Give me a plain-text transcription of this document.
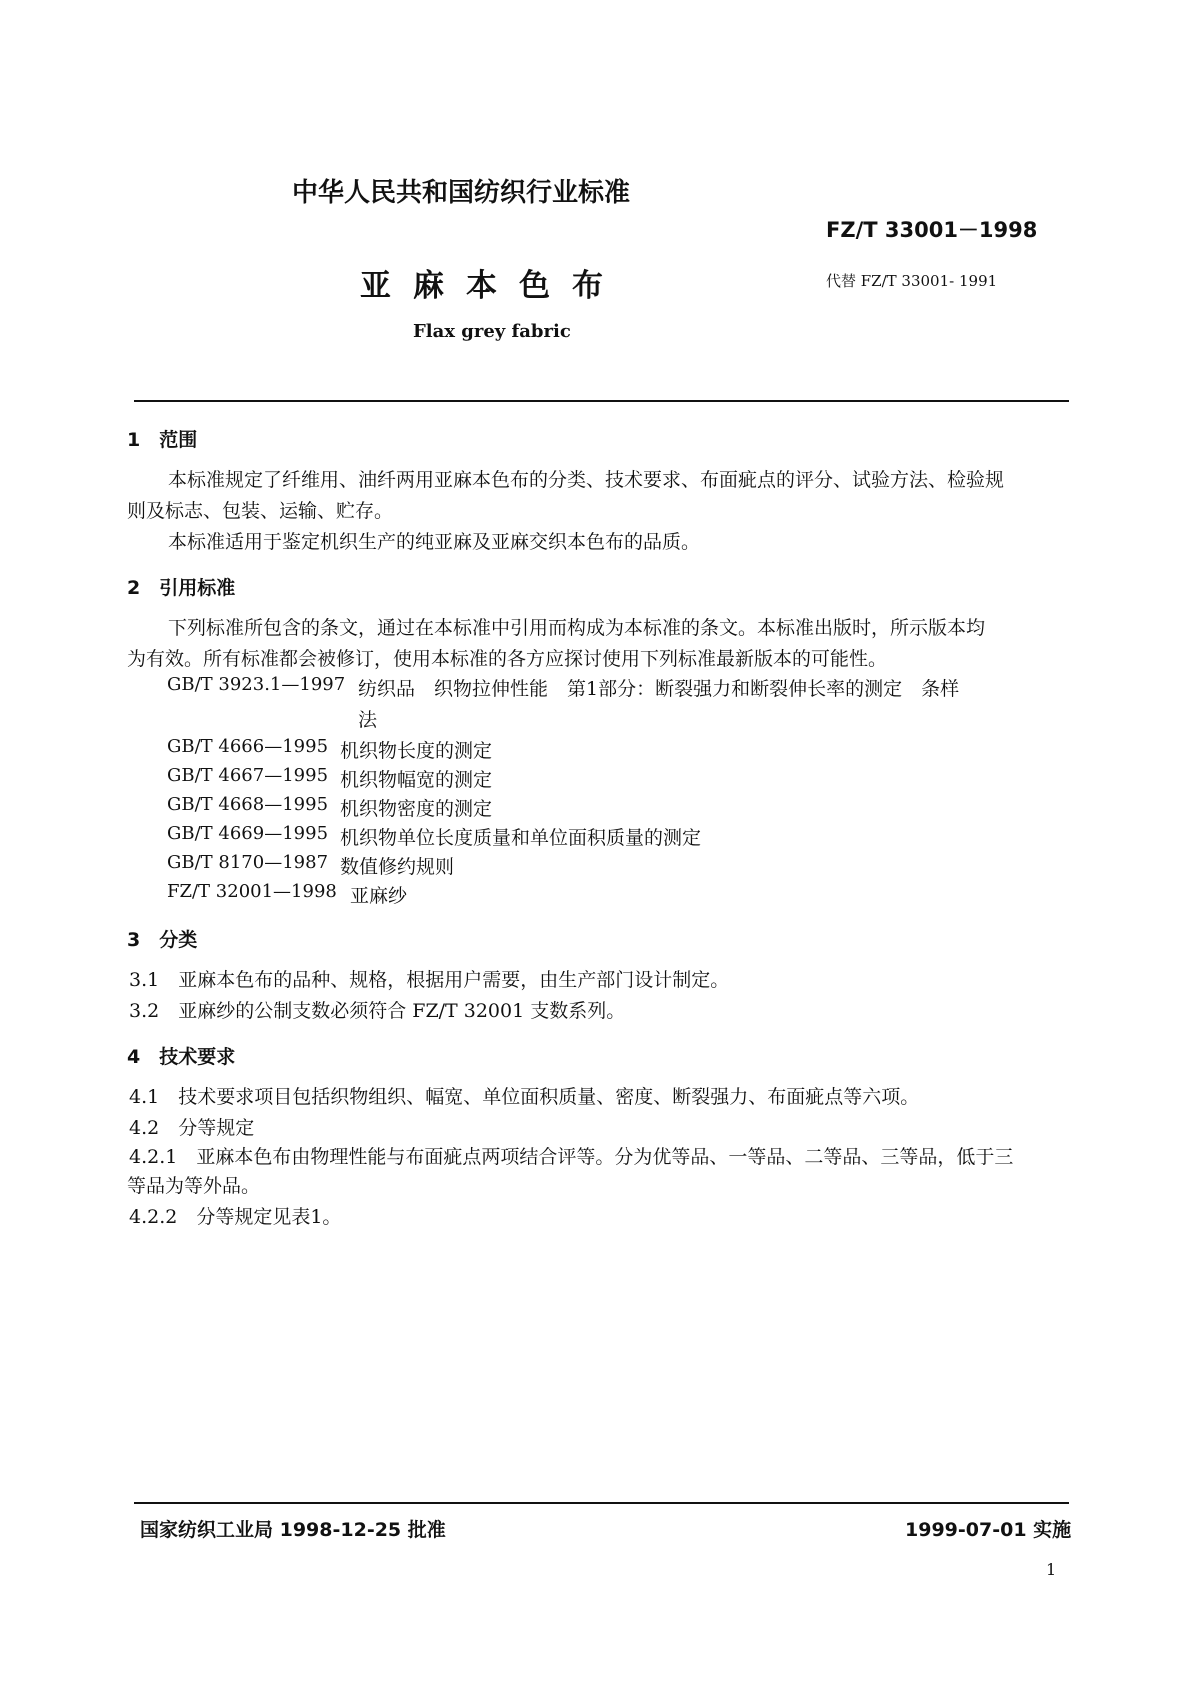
中华人民共和国纺织行业标准
FZ/T 33001－1998
亚麻本色布	代替 FZ/T 33001- 1991
Flax grey fabric
1　范围
本标准规定了纤维用、油纤两用亚麻本色布的分类、技术要求、布面疵点的评分、试验方法、检验规
则及标志、包装、运输、贮存。
本标准适用于鉴定机织生产的纯亚麻及亚麻交织本色布的品质。
2　引用标准
下列标准所包含的条文，通过在本标准中引用而构成为本标准的条文。本标准出版时，所示版本均
为有效。所有标准都会被修订，使用本标准的各方应探讨使用下列标准最新版本的可能性。
GB/T 3923.1—1997 纺织品　织物拉伸性能　第1部分：断裂强力和断裂伸长率的测定　条样
法
GB/T 4666—1995 机织物长度的测定
GB/T 4667—1995 机织物幅宽的测定
GB/T 4668—1995 机织物密度的测定
GB/T 4669—1995 机织物单位长度质量和单位面积质量的测定
GB/T 8170—1987 数值修约规则
FZ/T 32001—1998 亚麻纱
3　分类
3.1　亚麻本色布的品种、规格，根据用户需要，由生产部门设计制定。
3.2　亚麻纱的公制支数必须符合 FZ/T 32001 支数系列。
4　技术要求
4.1　技术要求项目包括织物组织、幅宽、单位面积质量、密度、断裂强力、布面疵点等六项。
4.2　分等规定
4.2.1　亚麻本色布由物理性能与布面疵点两项结合评等。分为优等品、一等品、二等品、三等品，低于三
等品为等外品。
4.2.2　分等规定见表1。
国家纺织工业局 1998-12-25 批准	1999-07-01 实施
1
